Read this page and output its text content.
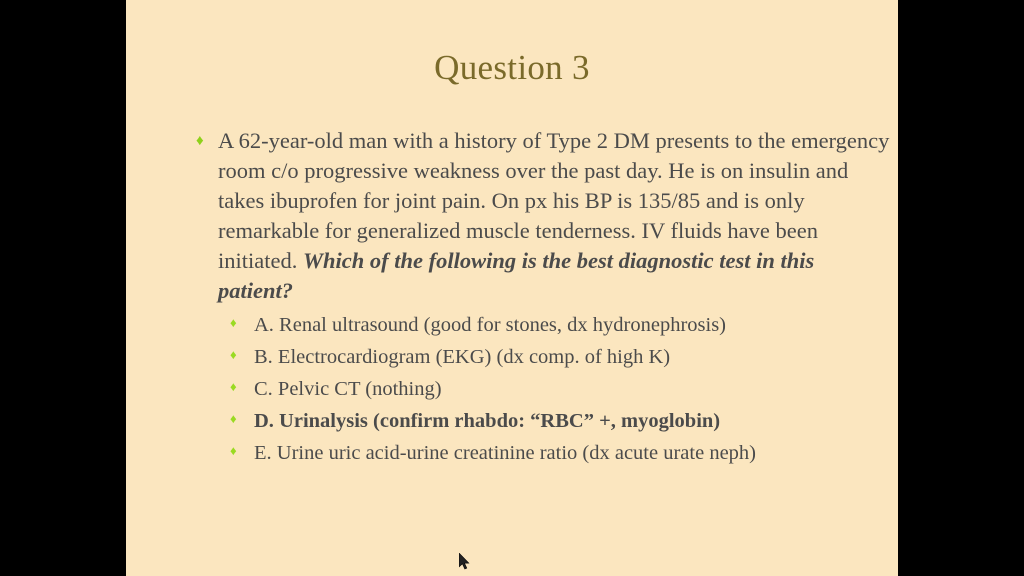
Question 3
♦ A 62-year-old man with a history of Type 2 DM presents to the emergency room c/o progressive weakness over the past day. He is on insulin and takes ibuprofen for joint pain. On px his BP is 135/85 and is only remarkable for generalized muscle tenderness. IV fluids have been initiated. Which of the following is the best diagnostic test in this patient?
♦ A. Renal ultrasound (good for stones, dx hydronephrosis)
♦ B. Electrocardiogram (EKG) (dx comp. of high K)
♦ C. Pelvic CT (nothing)
♦ D. Urinalysis (confirm rhabdo: “RBC” +, myoglobin)
♦ E. Urine uric acid-urine creatinine ratio (dx acute urate neph)
